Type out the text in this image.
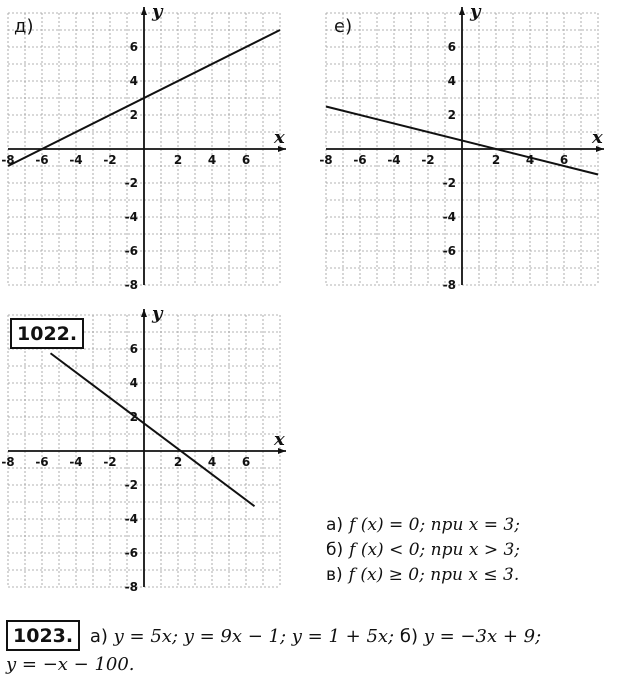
д)	е)
x
y
-8 -6 -4 -2	2 4 6
6
4
2
-2
-4
-6
-8
x
y
-8 -6 -4 -2	2 4 6
6
4
2
-2
-4
-6
-8
x
y
-8 -6 -4 -2	2 4 6
6
4
2
-2
-4
-6
-8
1022.
а) f (x) = 0; при x = 3;
б) f (x) < 0; при x > 3;
в) f (x) ≥ 0; при x ≤ 3.
1023. а) y = 5x; y = 9x − 1; y = 1 + 5x; б) y = −3x + 9;
y = −x − 100.
